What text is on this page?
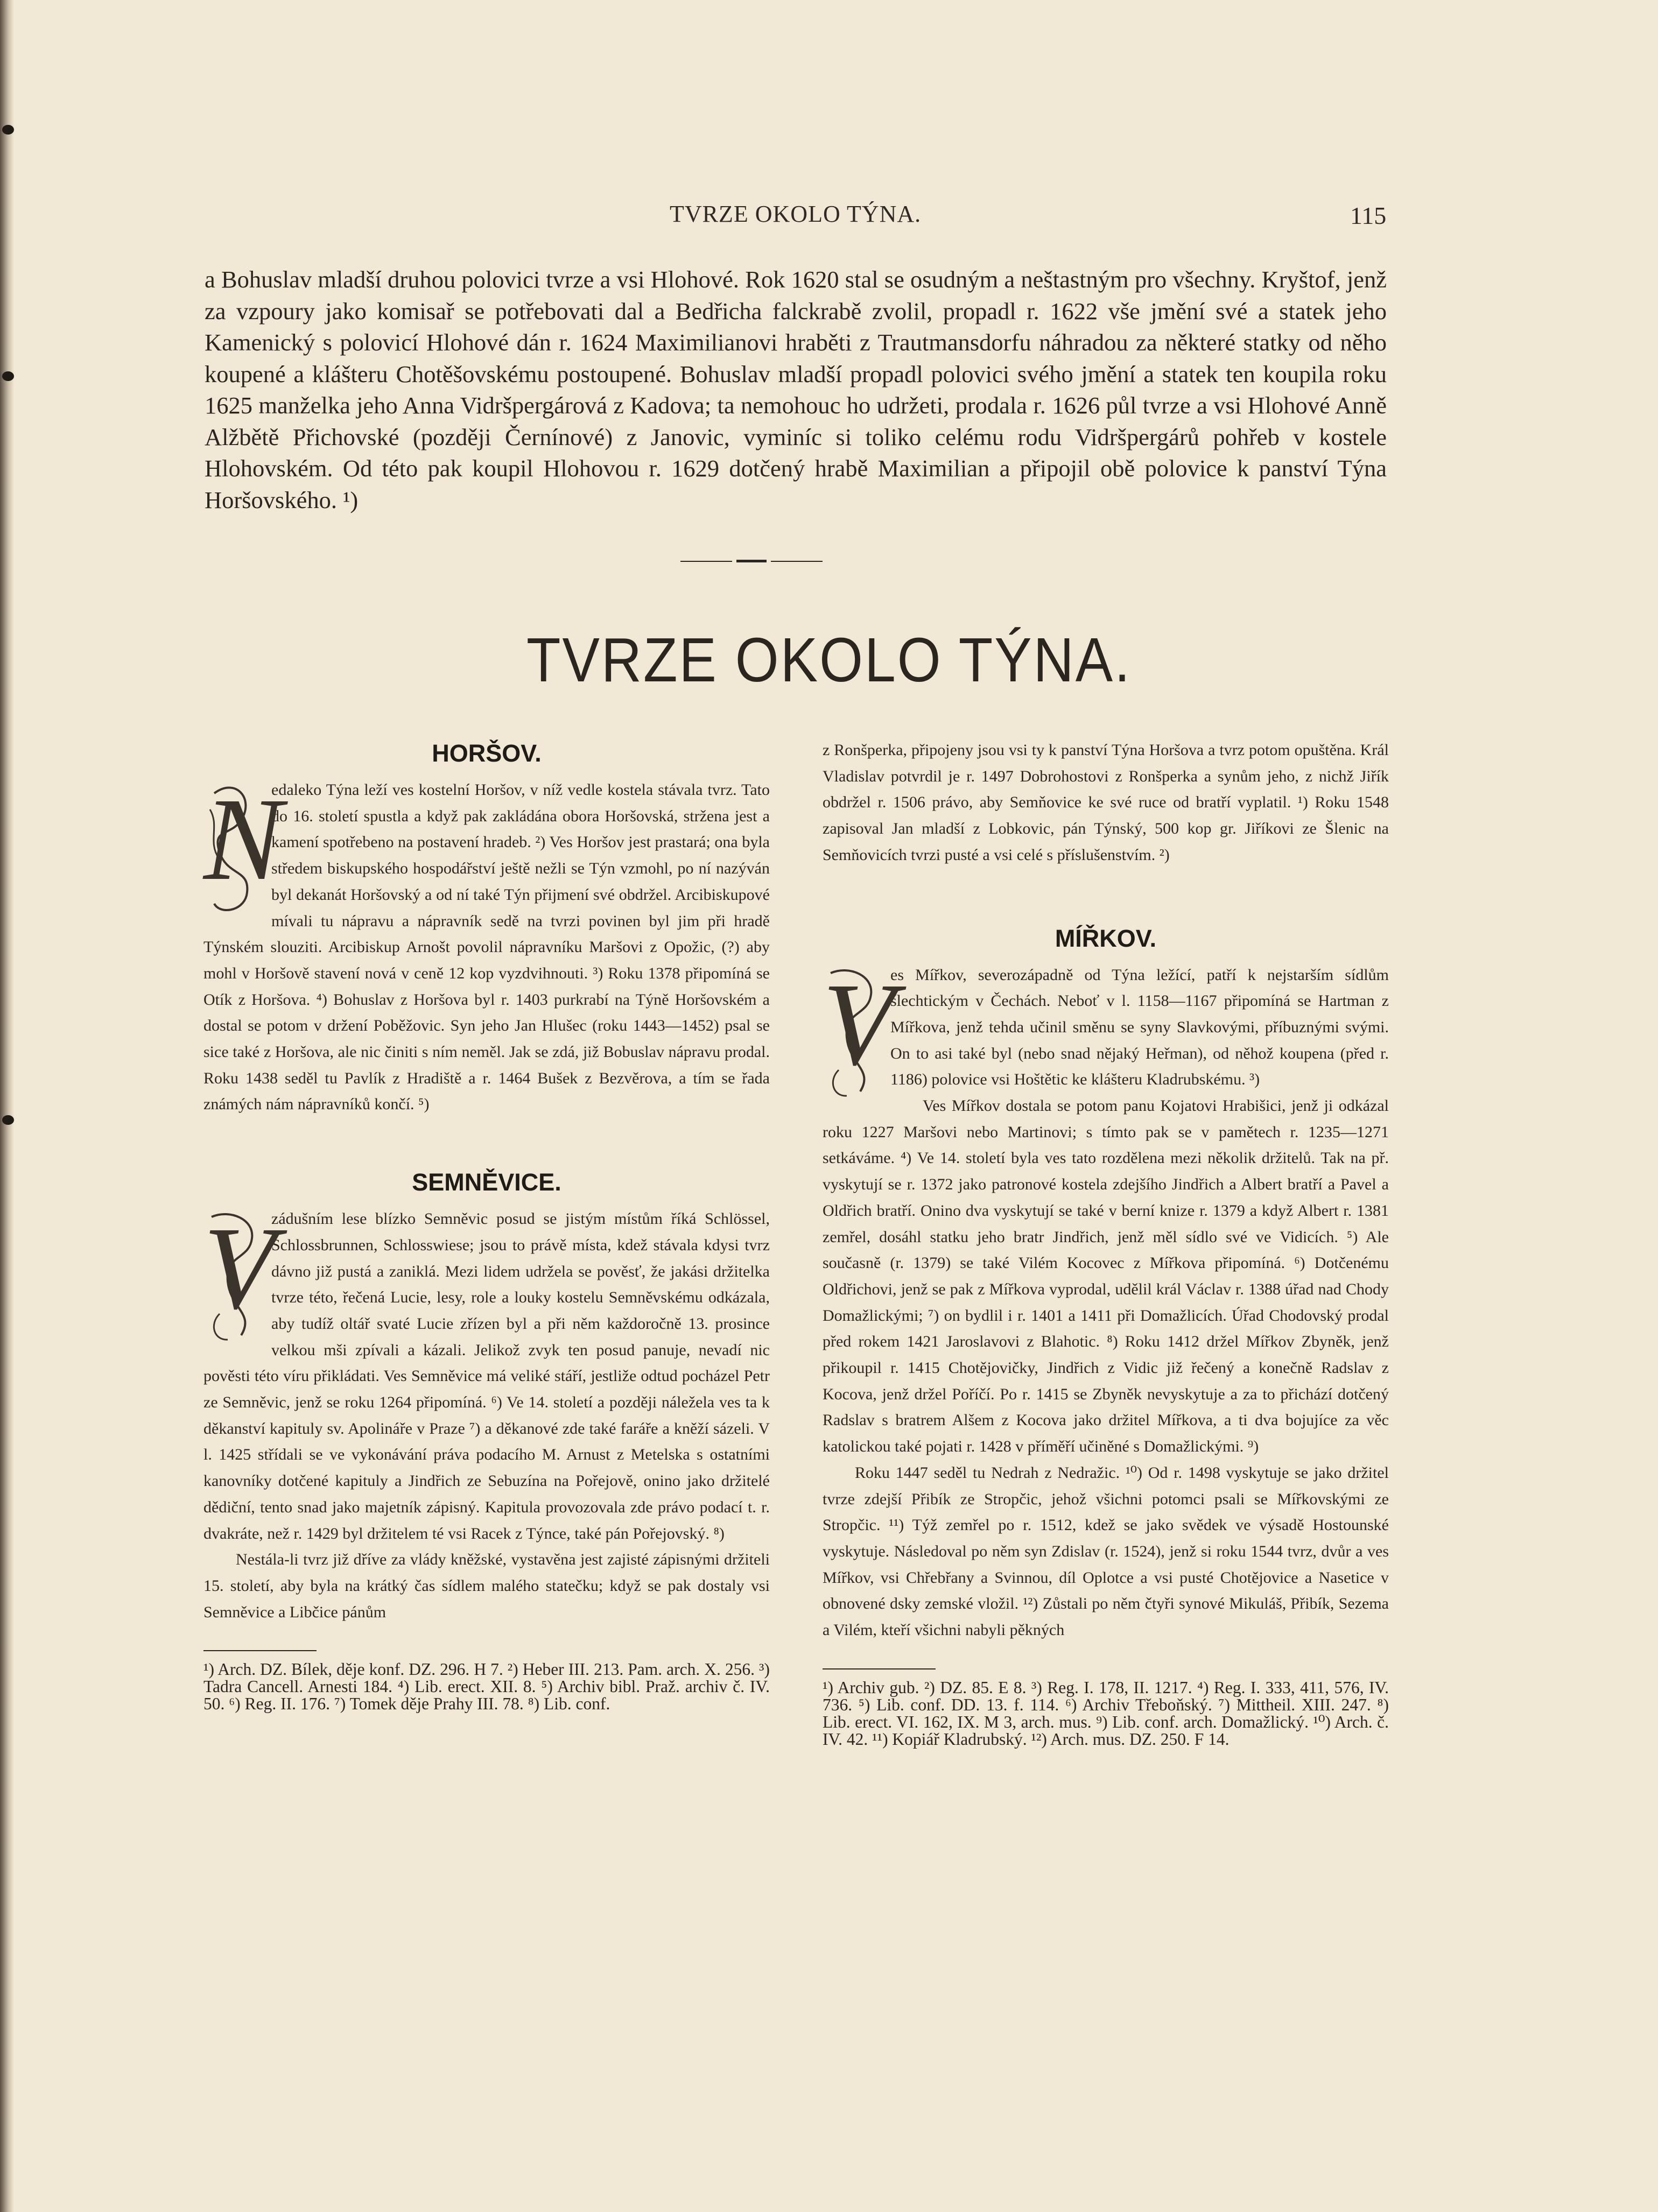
TVRZE OKOLO TÝNA.	115
a Bohuslav mladší druhou polovici tvrze a vsi Hlohové. Rok 1620 stal se osudným a neštastným pro všechny. Kryštof, jenž za vzpoury jako komisař se potřebovati dal a Bedřicha falckrabě zvolil, propadl r. 1622 vše jmění své a statek jeho Kamenický s polovicí Hlohové dán r. 1624 Maximilianovi hraběti z Trautmansdorfu náhradou za některé statky od něho koupené a klášteru Chotěšovskému postoupené. Bohuslav mladší propadl polovici svého jmění a statek ten koupila roku 1625 manželka jeho Anna Vidršpergárová z Kadova; ta nemohouc ho udržeti, prodala r. 1626 půl tvrze a vsi Hlohové Anně Alžbětě Přichovské (později Černínové) z Janovic, vyminíc si toliko celému rodu Vidršpergárů pohřeb v kostele Hlohovském. Od této pak koupil Hlohovou r. 1629 dotčený hrabě Maximilian a připojil obě polovice k panství Týna Horšovského. ¹)
TVRZE OKOLO TÝNA.
HORŠOV.
N

edaleko Týna leží ves kostelní Horšov, v níž vedle kostela stávala tvrz. Tato do 16. století spustla a když pak zakládána obora Horšovská, stržena jest a kamení spotřebeno na postavení hradeb. ²) Ves Horšov jest prastará; ona byla středem biskupského hospodářství ještě nežli se Týn vzmohl, po ní nazýván byl dekanát Horšovský a od ní také Týn přijmení své obdržel. Arcibiskupové mívali tu nápravu a nápravník sedě na tvrzi povinen byl jim při hradě Týnském slouziti. Arcibiskup Arnošt povolil nápravníku Maršovi z Opožic, (?) aby mohl v Horšově stavení nová v ceně 12 kop vyzdvihnouti. ³) Roku 1378 připomíná se Otík z Horšova. ⁴) Bohuslav z Horšova byl r. 1403 purkrabí na Týně Horšovském a dostal se potom v držení Poběžovic. Syn jeho Jan Hlušec (roku 1443—1452) psal se sice také z Horšova, ale nic činiti s ním neměl. Jak se zdá, již Bobuslav nápravu prodal. Roku 1438 seděl tu Pavlík z Hradiště a r. 1464 Bušek z Bezvěrova, a tím se řada známých nám nápravníků končí. ⁵)

SEMNĚVICE.
V

zádušním lese blízko Semněvic posud se jistým místům říká Schlössel, Schlossbrunnen, Schlosswiese; jsou to právě místa, kdež stávala kdysi tvrz dávno již pustá a zaniklá. Mezi lidem udržela se pověsť, že jakási držitelka tvrze této, řečená Lucie, lesy, role a louky kostelu Semněvskému odkázala, aby tudíž oltář svaté Lucie zřízen byl a při něm každoročně 13. prosince velkou mši zpívali a kázali. Jelikož zvyk ten posud panuje, nevadí nic pověsti této víru přikládati. Ves Semněvice má veliké stáří, jestliže odtud pocházel Petr ze Semněvic, jenž se roku 1264 připomíná. ⁶) Ve 14. století a později náležela ves ta k děkanství kapituly sv. Apolináře v Praze ⁷) a děkanové zde také faráře a kněží sázeli. V l. 1425 střídali se ve vykonávání práva podacího M. Arnust z Metelska s ostatními kanovníky dotčené kapituly a Jindřich ze Sebuzína na Pořejově, onino jako držitelé dědiční, tento snad jako majetník zápisný. Kapitula provozovala zde právo podací t. r. dvakráte, než r. 1429 byl držitelem té vsi Racek z Týnce, také pán Pořejovský. ⁸)

Nestála-li tvrz již dříve za vlády kněžské, vystavěna jest zajisté zápisnými držiteli 15. století, aby byla na krátký čas sídlem malého statečku; když se pak dostaly vsi Semněvice a Libčice pánům

¹) Arch. DZ. Bílek, děje konf. DZ. 296. H 7. ²) Heber III. 213. Pam. arch. X. 256. ³) Tadra Cancell. Arnesti 184. ⁴) Lib. erect. XII. 8. ⁵) Archiv bibl. Praž. archiv č. IV. 50. ⁶) Reg. II. 176. ⁷) Tomek děje Prahy III. 78. ⁸) Lib. conf.

z Ronšperka, připojeny jsou vsi ty k panství Týna Horšova a tvrz potom opuštěna. Král Vladislav potvrdil je r. 1497 Dobrohostovi z Ronšperka a synům jeho, z nichž Jiřík obdržel r. 1506 právo, aby Semňovice ke své ruce od bratří vyplatil. ¹) Roku 1548 zapisoval Jan mladší z Lobkovic, pán Týnský, 500 kop gr. Jiříkovi ze Šlenic na Semňovicích tvrzi pusté a vsi celé s příslušenstvím. ²)

MÍŘKOV.
V

es Mířkov, severozápadně od Týna ležící, patří k nejstarším sídlům šlechtickým v Čechách. Neboť v l. 1158—1167 připomíná se Hartman z Mířkova, jenž tehda učinil směnu se syny Slavkovými, příbuznými svými. On to asi také byl (nebo snad nějaký Heřman), od něhož koupena (před r. 1186) polovice vsi Hoštětic ke klášteru Kladrubskému. ³)

Ves Mířkov dostala se potom panu Kojatovi Hrabišici, jenž ji odkázal roku 1227 Maršovi nebo Martinovi; s tímto pak se v pamětech r. 1235—1271 setkáváme. ⁴) Ve 14. století byla ves tato rozdělena mezi několik držitelů. Tak na př. vyskytují se r. 1372 jako patronové kostela zdejšího Jindřich a Albert bratří a Pavel a Oldřich bratří. Onino dva vyskytují se také v berní knize r. 1379 a když Albert r. 1381 zemřel, dosáhl statku jeho bratr Jindřich, jenž měl sídlo své ve Vidicích. ⁵) Ale současně (r. 1379) se také Vilém Kocovec z Mířkova připomíná. ⁶) Dotčenému Oldřichovi, jenž se pak z Mířkova vyprodal, udělil král Václav r. 1388 úřad nad Chody Domažlickými; ⁷) on bydlil i r. 1401 a 1411 při Domažlicích. Úřad Chodovský prodal před rokem 1421 Jaroslavovi z Blahotic. ⁸) Roku 1412 držel Mířkov Zbyněk, jenž přikoupil r. 1415 Chotějovičky, Jindřich z Vidic již řečený a konečně Radslav z Kocova, jenž držel Poříčí. Po r. 1415 se Zbyněk nevyskytuje a za to přichází dotčený Radslav s bratrem Alšem z Kocova jako držitel Mířkova, a ti dva bojujíce za věc katolickou také pojati r. 1428 v příměří učiněné s Domažlickými. ⁹)

Roku 1447 seděl tu Nedrah z Nedražic. ¹⁰) Od r. 1498 vyskytuje se jako držitel tvrze zdejší Přibík ze Stropčic, jehož všichni potomci psali se Mířkovskými ze Stropčic. ¹¹) Týž zemřel po r. 1512, kdež se jako svědek ve výsadě Hostounské vyskytuje. Následoval po něm syn Zdislav (r. 1524), jenž si roku 1544 tvrz, dvůr a ves Mířkov, vsi Chřebřany a Svinnou, díl Oplotce a vsi pusté Chotějovice a Nasetice v obnovené dsky zemské vložil. ¹²) Zůstali po něm čtyři synové Mikuláš, Přibík, Sezema a Vilém, kteří všichni nabyli pěkných

¹) Archiv gub. ²) DZ. 85. E 8. ³) Reg. I. 178, II. 1217. ⁴) Reg. I. 333, 411, 576, IV. 736. ⁵) Lib. conf. DD. 13. f. 114. ⁶) Archiv Třeboňský. ⁷) Mittheil. XIII. 247. ⁸) Lib. erect. VI. 162, IX. M 3, arch. mus. ⁹) Lib. conf. arch. Domažlický. ¹⁰) Arch. č. IV. 42. ¹¹) Kopiář Kladrubský. ¹²) Arch. mus. DZ. 250. F 14.
